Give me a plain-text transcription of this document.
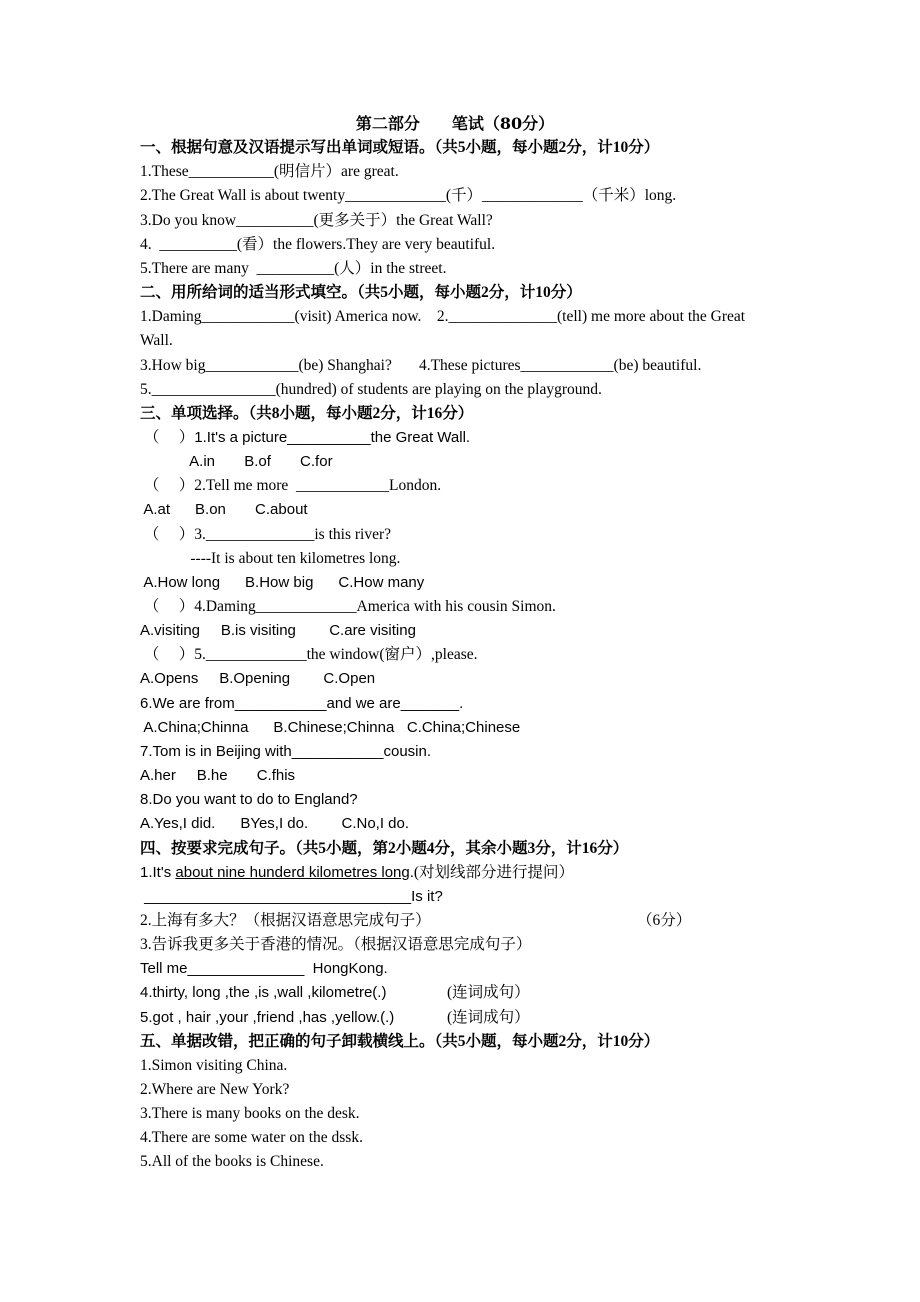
第二部分　　笔试（80分）
一、根据句意及汉语提示写出单词或短语。（共5小题，每小题2分，计10分）
1.These___________(明信片）are great.
2.The Great Wall is about twenty_____________(千）_____________（千米）long.
3.Do you know__________(更多关于）the Great Wall?
4.  __________(看）the flowers.They are very beautiful.
5.There are many  __________(人）in the street.
二、用所给词的适当形式填空。（共5小题，每小题2分，计10分）
1.Daming____________(visit) America now.    2.______________(tell) me more about the Great
Wall.
3.How big____________(be) Shanghai?       4.These pictures____________(be) beautiful.
5.________________(hundred) of students are playing on the playground.
三、单项选择。（共8小题，每小题2分，计16分）
（     ）1.It's a picture__________the Great Wall.
A.in       B.of       C.for
（     ）2.Tell me more  ____________London.
A.at      B.on       C.about
（     ）3.______________is this river?
----It is about ten kilometres long.
A.How long      B.How big      C.How many
（     ）4.Daming_____________America with his cousin Simon.
A.visiting     B.is visiting        C.are visiting
（     ）5._____________the window(窗户）,please.
A.Opens     B.Opening        C.Open
6.We are from___________and we are_______.
A.China;Chinna      B.Chinese;Chinna   C.China;Chinese
7.Tom is in Beijing with___________cousin.
A.her     B.he       C.fhis
8.Do you want to do to England?
A.Yes,I did.      BYes,I do.        C.No,I do.
四、按要求完成句子。（共5小题，第2小题4分，其余小题3分，计16分）
1.It's about nine hunderd kilometres long.(对划线部分进行提问）
________________________________Is it?
2.上海有多大？（根据汉语意思完成句子）	（6分）
3.告诉我更多关于香港的情况。（根据汉语意思完成句子）
Tell me______________  HongKong.
4.thirty, long ,the ,is ,wall ,kilometre(.)	(连词成句）
5.got , hair ,your ,friend ,has ,yellow.(.)	(连词成句）
五、单据改错，把正确的句子卸载横线上。（共5小题，每小题2分，计10分）
1.Simon visiting China.
2.Where are New York?
3.There is many books on the desk.
4.There are some water on the dssk.
5.All of the books is Chinese.
